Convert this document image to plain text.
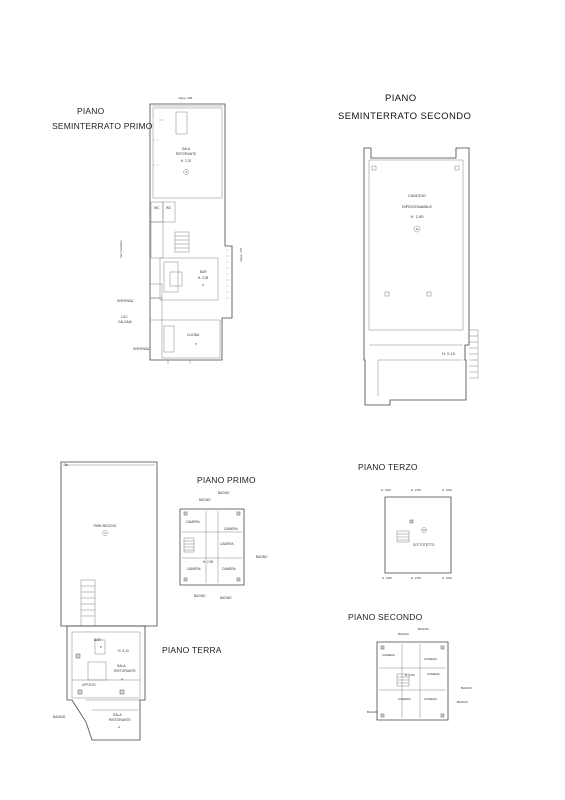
PIANO
SEMINTERRATO PRIMO
PIANO
SEMINTERRATO SECONDO
PIANO PRIMO
PIANO TERZO
PIANO TERRA
PIANO SECONDO
mapp. 206
mapp. 372
Via Trassilico
SALA
RISTORANTE
H. 2,70
4
WC WC
BAR
H. 2,05
8
DISPENSA
LOC.
CALDAIA
CUCINA
DISPENSA
5
CAVEDIO
ISPEZIONABILE
H. 2,90
11
H. 0,15
3b
PARCHEGGIO
1
BAR
H. 3,10
8
SALA
RISTORANTE
A
UFFICIO
SALA
RISTORANTE
A
BAGNO
BAGNO
BAGNO
CAMERA
CAMERA
CAMERA
CAMERA	CAMERA
BAGNO
H. 2,90
BAGNO	BAGNO
H. 0,80	H. 2,65	H. 0,80
H. 0,80	H. 2,65	H. 0,80
SOTTOTETTO
13
BAGNO
BAGNO
CAMERA
CAMERA
CAMERA
CAMERA	CAMERA
H. 2,80
BAGNO
BAGNO
BAGNO
